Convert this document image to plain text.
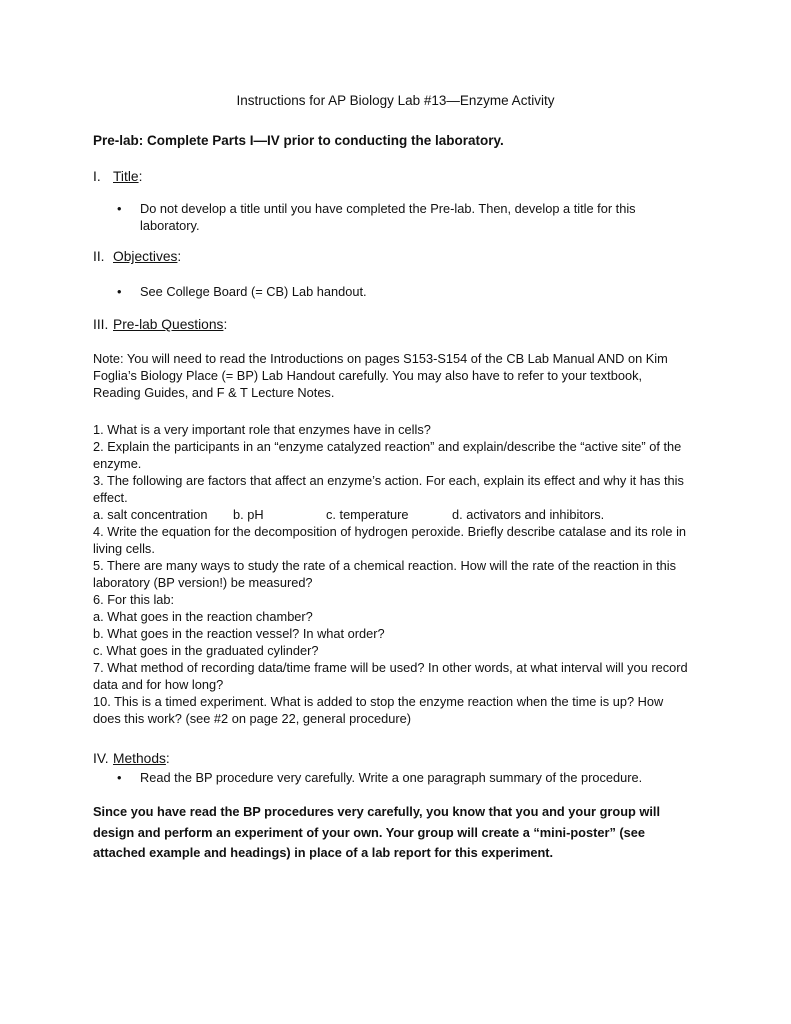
Instructions for AP Biology Lab #13—Enzyme Activity
Pre-lab: Complete Parts I—IV prior to conducting the laboratory.
I. Title:
• Do not develop a title until you have completed the Pre-lab. Then, develop a title for this laboratory.
II. Objectives:
• See College Board (= CB) Lab handout.
III. Pre-lab Questions:
Note: You will need to read the Introductions on pages S153-S154 of the CB Lab Manual AND on Kim Foglia’s Biology Place (= BP) Lab Handout carefully. You may also have to refer to your textbook, Reading Guides, and F & T Lecture Notes.
1. What is a very important role that enzymes have in cells?
2. Explain the participants in an “enzyme catalyzed reaction” and explain/describe the “active site” of the enzyme.
3. The following are factors that affect an enzyme’s action. For each, explain its effect and why it has this effect.
a. salt concentration b. pH	c. temperature	d. activators and inhibitors.
4. Write the equation for the decomposition of hydrogen peroxide. Briefly describe catalase and its role in living cells.
5. There are many ways to study the rate of a chemical reaction. How will the rate of the reaction in this laboratory (BP version!) be measured?
6. For this lab:
a. What goes in the reaction chamber?
b. What goes in the reaction vessel? In what order?
c. What goes in the graduated cylinder?
7. What method of recording data/time frame will be used? In other words, at what interval will you record data and for how long?
10. This is a timed experiment. What is added to stop the enzyme reaction when the time is up? How does this work? (see #2 on page 22, general procedure)
IV. Methods:
• Read the BP procedure very carefully. Write a one paragraph summary of the procedure.
Since you have read the BP procedures very carefully, you know that you and your group will design and perform an experiment of your own. Your group will create a “mini-poster” (see attached example and headings) in place of a lab report for this experiment.
